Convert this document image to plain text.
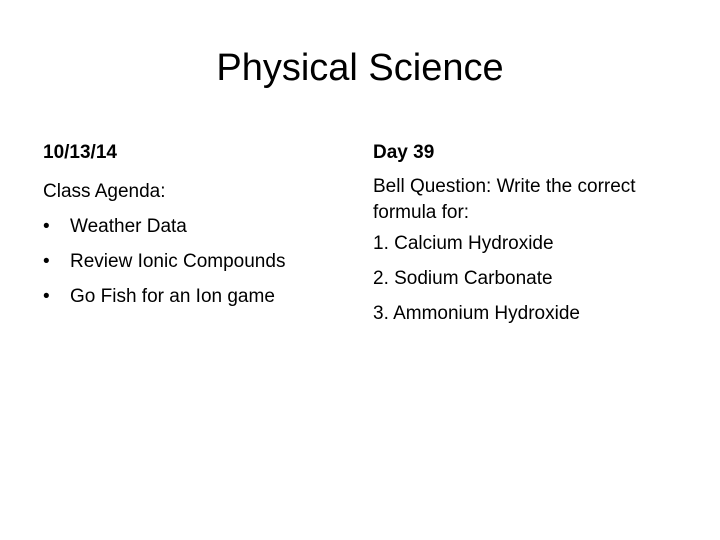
Physical Science
10/13/14
Class Agenda:
• Weather Data
• Review Ionic Compounds
• Go Fish for an Ion game
Day 39
Bell Question: Write the correct formula for:
1. Calcium Hydroxide
2. Sodium Carbonate
3. Ammonium Hydroxide
